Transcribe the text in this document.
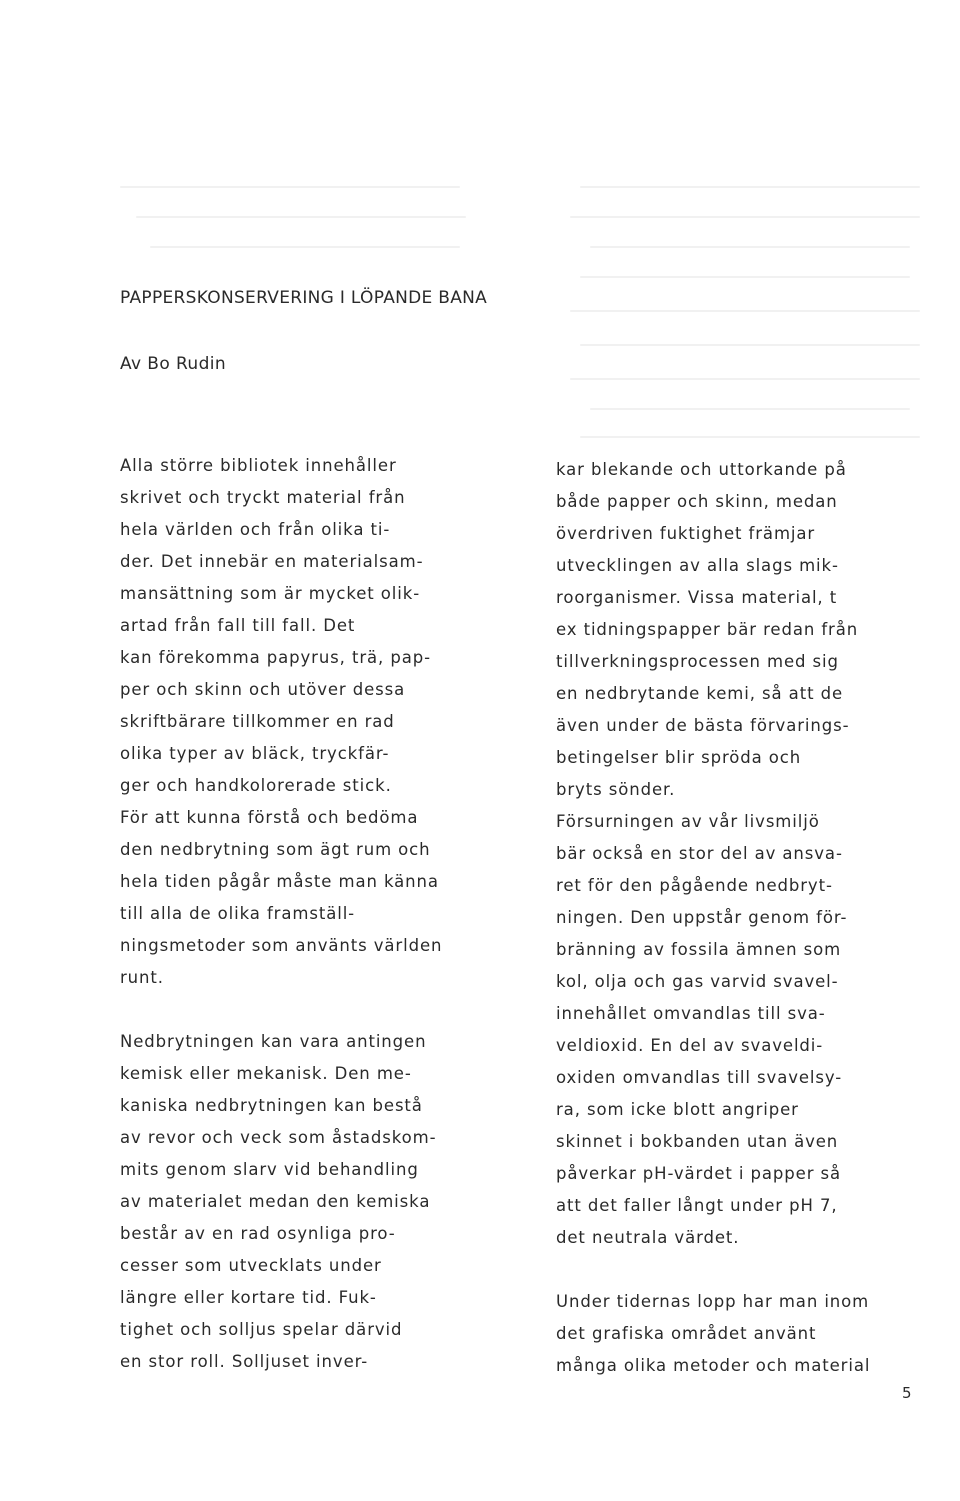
PAPPERSKONSERVERING I LÖPANDE BANA

Av Bo Rudin

Alla större bibliotek innehåller
skrivet och tryckt material från
hela världen och från olika ti-
der. Det innebär en materialsam-
mansättning som är mycket olik-
artad från fall till fall. Det
kan förekomma papyrus, trä, pap-
per och skinn och utöver dessa
skriftbärare tillkommer en rad
olika typer av bläck, tryckfär-
ger och handkolorerade stick.
För att kunna förstå och bedöma
den nedbrytning som ägt rum och
hela tiden pågår måste man känna
till alla de olika framställ-
ningsmetoder som använts världen
runt.
Nedbrytningen kan vara antingen
kemisk eller mekanisk. Den me-
kaniska nedbrytningen kan bestå
av revor och veck som åstadskom-
mits genom slarv vid behandling
av materialet medan den kemiska
består av en rad osynliga pro-
cesser som utvecklats under
längre eller kortare tid. Fuk-
tighet och solljus spelar därvid
en stor roll. Solljuset inver-
kar blekande och uttorkande på
både papper och skinn, medan
överdriven fuktighet främjar
utvecklingen av alla slags mik-
roorganismer. Vissa material, t
ex tidningspapper bär redan från
tillverkningsprocessen med sig
en nedbrytande kemi, så att de
även under de bästa förvarings-
betingelser blir spröda och
bryts sönder.
Försurningen av vår livsmiljö
bär också en stor del av ansva-
ret för den pågående nedbryt-
ningen. Den uppstår genom för-
bränning av fossila ämnen som
kol, olja och gas varvid svavel-
innehållet omvandlas till sva-
veldioxid. En del av svaveldi-
oxiden omvandlas till svavelsy-
ra, som icke blott angriper
skinnet i bokbanden utan även
påverkar pH-värdet i papper så
att det faller långt under pH 7,
det neutrala värdet.
Under tidernas lopp har man inom
det grafiska området använt
många olika metoder och material

5
